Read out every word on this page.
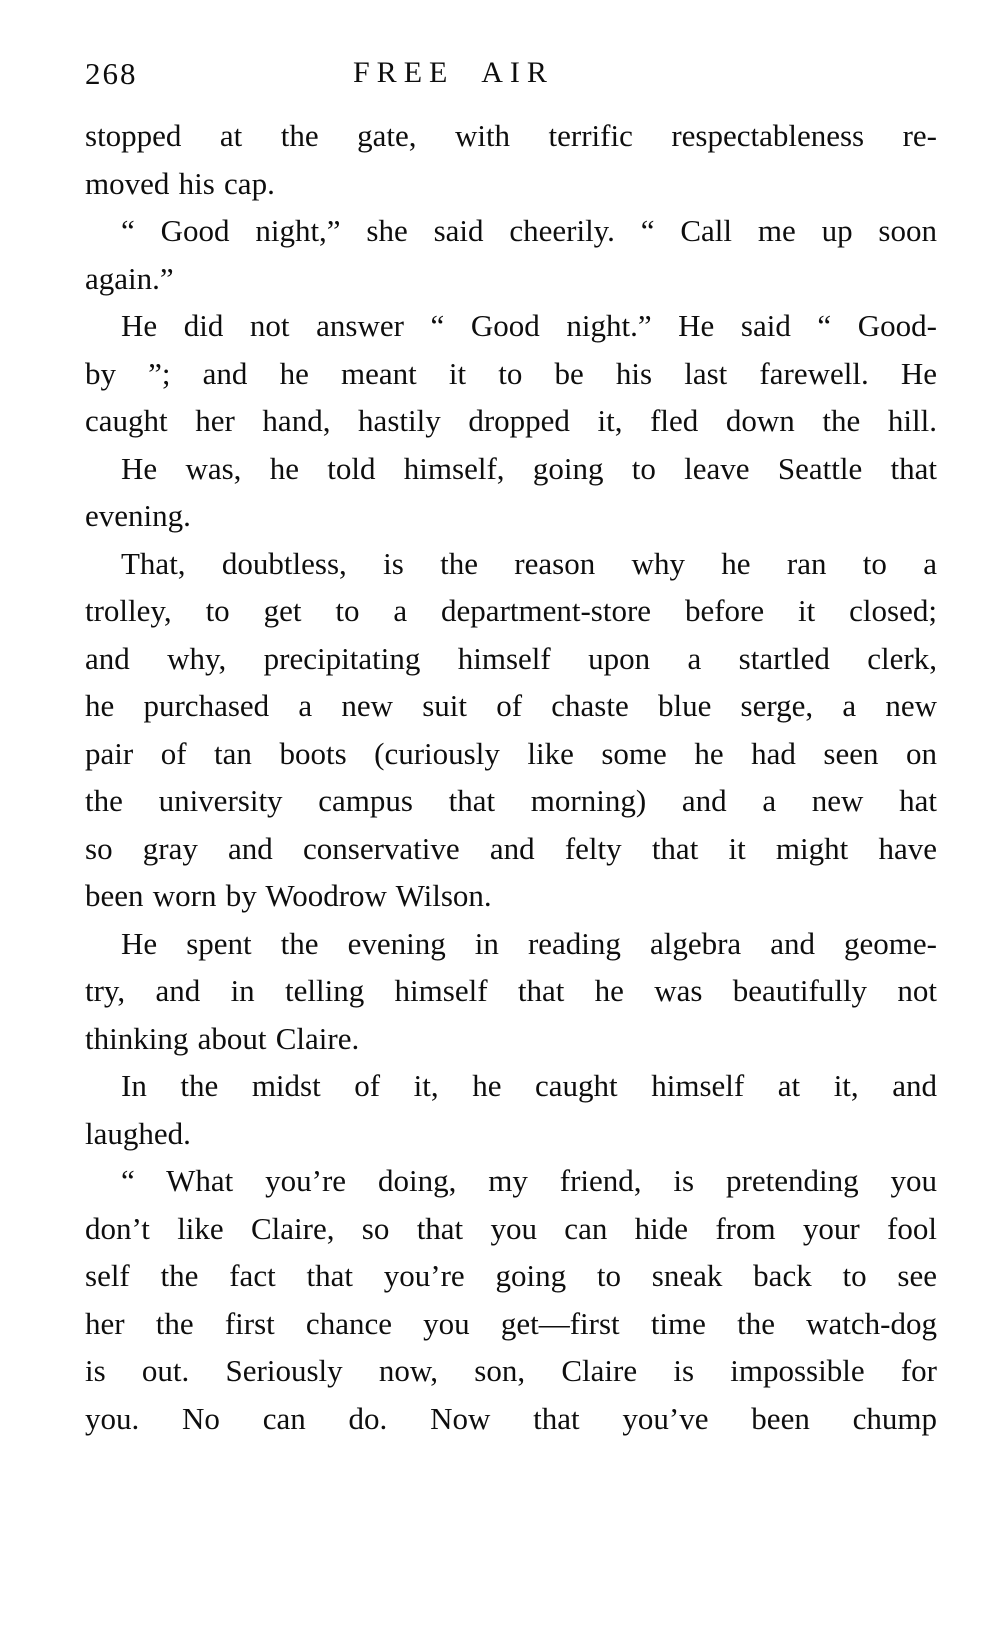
268	FREE AIR
stopped at the gate, with terrific respectableness re-
moved his cap.
“ Good night,” she said cheerily. “ Call me up soon
again.”
He did not answer “ Good night.” He said “ Good-
by ”; and he meant it to be his last farewell. He
caught her hand, hastily dropped it, fled down the hill.
He was, he told himself, going to leave Seattle that
evening.
That, doubtless, is the reason why he ran to a
trolley, to get to a department-store before it closed;
and why, precipitating himself upon a startled clerk,
he purchased a new suit of chaste blue serge, a new
pair of tan boots (curiously like some he had seen on
the university campus that morning) and a new hat
so gray and conservative and felty that it might have
been worn by Woodrow Wilson.
He spent the evening in reading algebra and geome-
try, and in telling himself that he was beautifully not
thinking about Claire.
In the midst of it, he caught himself at it, and
laughed.
“ What you’re doing, my friend, is pretending you
don’t like Claire, so that you can hide from your fool
self the fact that you’re going to sneak back to see
her the first chance you get—first time the watch-dog
is out. Seriously now, son, Claire is impossible for
you. No can do. Now that you’ve been chump
